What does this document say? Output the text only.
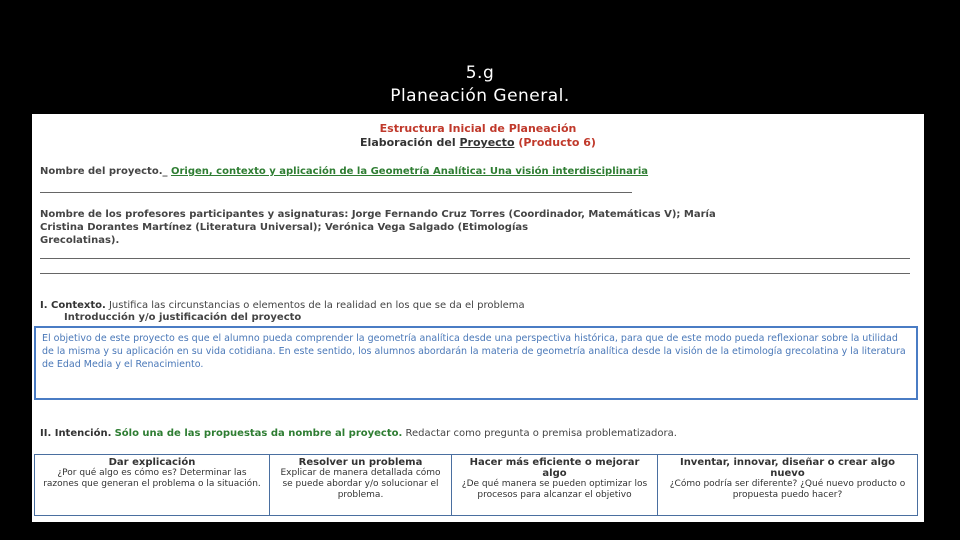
5.g
Planeación General.
Estructura Inicial de Planeación
Elaboración del Proyecto (Producto 6)
Nombre del proyecto._ Origen, contexto y aplicación de la Geometría Analítica: Una visión interdisciplinaria
Nombre de los profesores participantes y asignaturas: Jorge Fernando Cruz Torres (Coordinador, Matemáticas V); María
Cristina Dorantes Martínez (Literatura Universal); Verónica Vega Salgado (Etimologías
Grecolatinas).
I. Contexto. Justifica las circunstancias o elementos de la realidad en los que se da el problema
Introducción y/o justificación del proyecto
El objetivo de este proyecto es que el alumno pueda comprender la geometría analítica desde una perspectiva histórica, para que de este modo pueda reflexionar sobre la utilidad de la misma y su aplicación en su vida cotidiana. En este sentido, los alumnos abordarán la materia de geometría analítica desde la visión de la etimología grecolatina y la literatura de Edad Media y el Renacimiento.
II. Intención. Sólo una de las propuestas da nombre al proyecto. Redactar como pregunta o premisa problematizadora.
Dar explicación
¿Por qué algo es cómo es? Determinar las razones que generan el problema o la situación.
Resolver un problema
Explicar de manera detallada cómo se puede abordar y/o solucionar el problema.
Hacer más eficiente o mejorar algo
¿De qué manera se pueden optimizar los procesos para alcanzar el objetivo
Inventar, innovar, diseñar o crear algo nuevo
¿Cómo podría ser diferente? ¿Qué nuevo producto o propuesta puedo hacer?
